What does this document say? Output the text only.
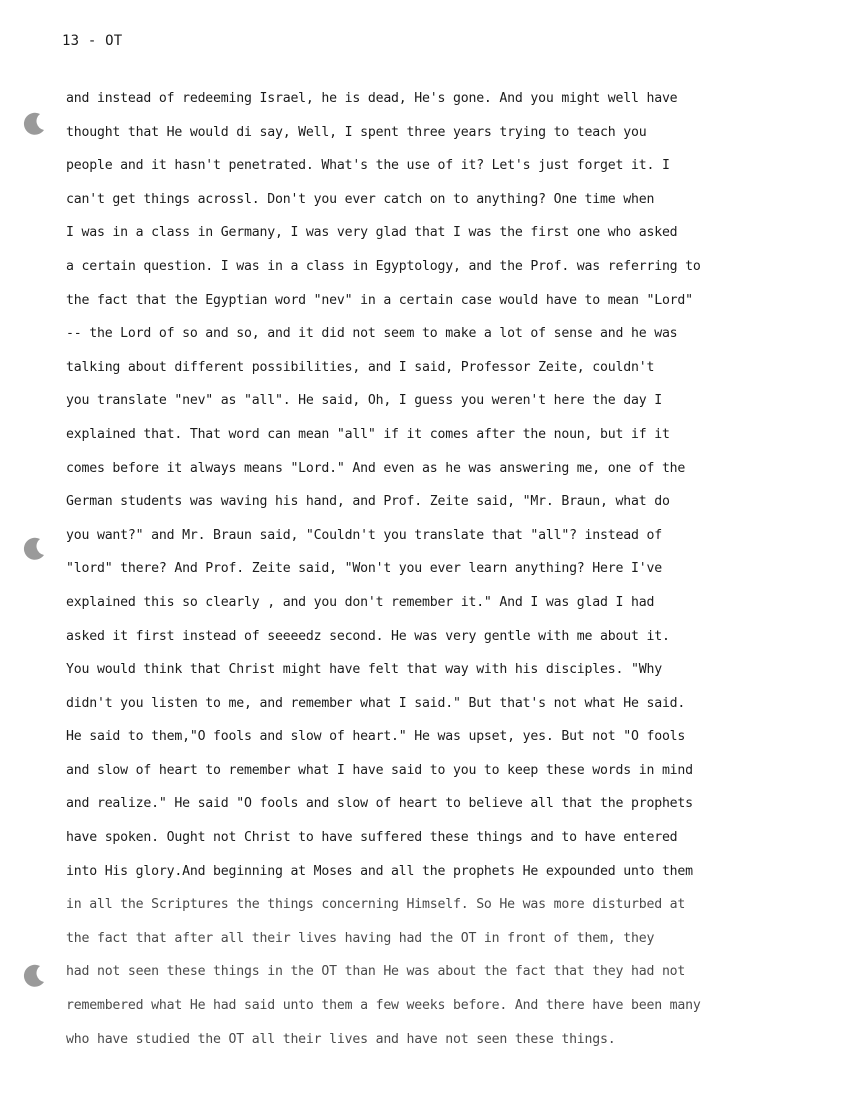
13 - OT
and instead of redeeming Israel, he is dead, He's gone. And you might well have
thought that He would di say, Well, I spent three years trying to teach you
people and it hasn't penetrated. What's the use of it? Let's just forget it. I
can't get things acrossl. Don't you ever catch on to anything? One time when
I was in a class in Germany, I was very glad that I was the first one who asked
a certain question. I was in a class in Egyptology, and the Prof. was referring to
the fact that the Egyptian word "nev" in a certain case would have to mean "Lord"
-- the Lord of so and so, and it did not seem to make a lot of sense and he was
talking about different possibilities, and I said, Professor Zeite, couldn't
you translate "nev" as "all". He said, Oh, I guess you weren't here the day I
explained that. That word can mean "all" if it comes after the noun, but if it
comes before it always means "Lord." And even as he was answering me, one of the
German students was waving his hand, and Prof. Zeite said, "Mr. Braun, what do
you want?" and Mr. Braun said, "Couldn't you translate that "all"? instead of
"lord" there? And Prof. Zeite said, "Won't you ever learn anything? Here I've
explained this so clearly , and you don't remember it." And I was glad I had
asked it first instead of seeeedz second. He was very gentle with me about it.
You would think that Christ might have felt that way with his disciples. "Why
didn't you listen to me, and remember what I said." But that's not what He said.
He said to them,"O fools and slow of heart." He was upset, yes. But not "O fools
and slow of heart to remember what I have said to you to keep these words in mind
and realize." He said "O fools and slow of heart to believe all that the prophets
have spoken. Ought not Christ to have suffered these things and to have entered
into His glory.And beginning at Moses and all the prophets He expounded unto them
in all the Scriptures the things concerning Himself. So He was more disturbed at
the fact that after all their lives having had the OT in front of them, they
had not seen these things in the OT than He was about the fact that they had not
remembered what He had said unto them a few weeks before. And there have been many
who have studied the OT all their lives and have not seen these things.
